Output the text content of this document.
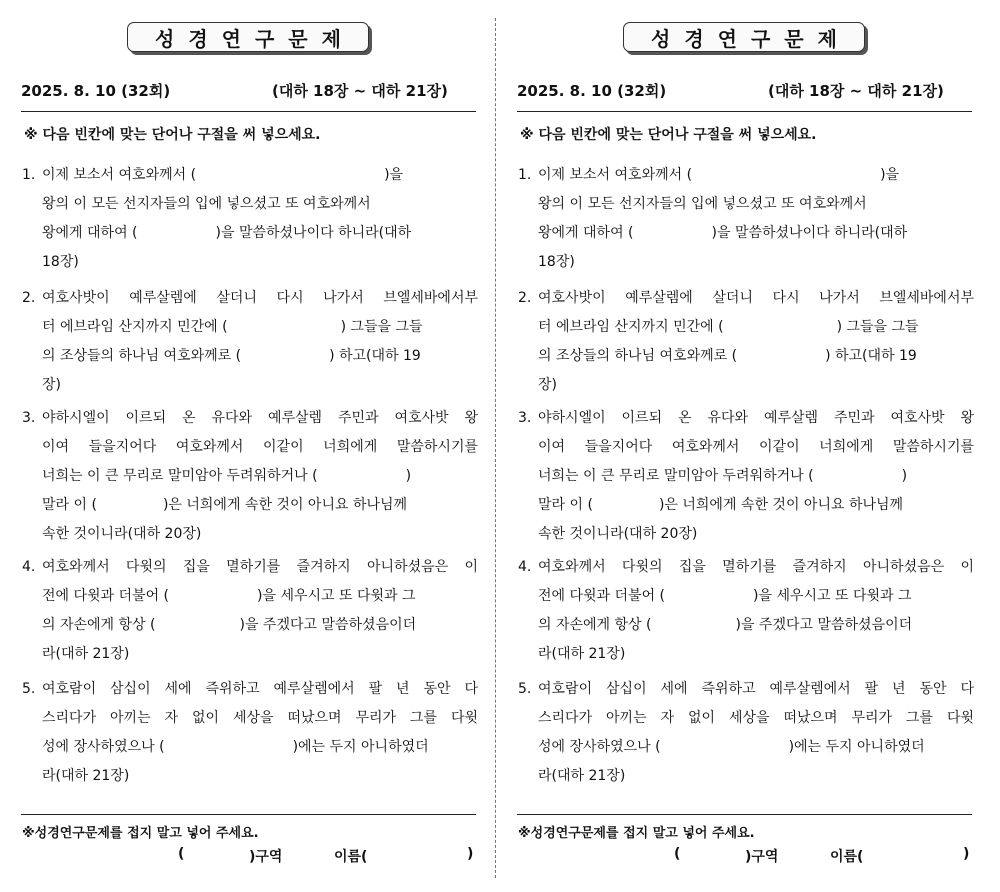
성경연구문제
2025. 8. 10 (32회)	(대하 18장 ~ 대하 21장)
※ 다음 빈칸에 맞는 단어나 구절을 써 넣으세요.
1. 이제 보소서 여호와께서 (	)을
왕의 이 모든 선지자들의 입에 넣으셨고 또 여호와께서
왕에게 대하여 (	)을 말씀하셨나이다 하니라(대하
18장)
2. 여호사밧이 예루살렘에 살더니 다시 나가서 브엘세바에서부
터 에브라임 산지까지 민간에 (	) 그들을 그들
의 조상들의 하나님 여호와께로 (	) 하고(대하 19
장)
3. 야하시엘이 이르되 온 유다와 예루살렘 주민과 여호사밧 왕
이여 들을지어다 여호와께서 이같이 너희에게 말씀하시기를
너희는 이 큰 무리로 말미암아 두려워하거나 (	)
말라 이 (	)은 너희에게 속한 것이 아니요 하나님께
속한 것이니라(대하 20장)
4. 여호와께서 다윗의 집을 멸하기를 즐겨하지 아니하셨음은 이
전에 다윗과 더불어 (	)을 세우시고 또 다윗과 그
의 자손에게 항상 (	)을 주겠다고 말씀하셨음이더
라(대하 21장)
5. 여호람이 삼십이 세에 즉위하고 예루살렘에서 팔 년 동안 다
스리다가 아끼는 자 없이 세상을 떠났으며 무리가 그를 다윗
성에 장사하였으나 (	)에는 두지 아니하였더
라(대하 21장)
※성경연구문제를 접지 말고 넣어 주세요.
(	)구역	이름(	)
성경연구문제
2025. 8. 10 (32회)	(대하 18장 ~ 대하 21장)
※ 다음 빈칸에 맞는 단어나 구절을 써 넣으세요.
1. 이제 보소서 여호와께서 (	)을
왕의 이 모든 선지자들의 입에 넣으셨고 또 여호와께서
왕에게 대하여 (	)을 말씀하셨나이다 하니라(대하
18장)
2. 여호사밧이 예루살렘에 살더니 다시 나가서 브엘세바에서부
터 에브라임 산지까지 민간에 (	) 그들을 그들
의 조상들의 하나님 여호와께로 (	) 하고(대하 19
장)
3. 야하시엘이 이르되 온 유다와 예루살렘 주민과 여호사밧 왕
이여 들을지어다 여호와께서 이같이 너희에게 말씀하시기를
너희는 이 큰 무리로 말미암아 두려워하거나 (	)
말라 이 (	)은 너희에게 속한 것이 아니요 하나님께
속한 것이니라(대하 20장)
4. 여호와께서 다윗의 집을 멸하기를 즐겨하지 아니하셨음은 이
전에 다윗과 더불어 (	)을 세우시고 또 다윗과 그
의 자손에게 항상 (	)을 주겠다고 말씀하셨음이더
라(대하 21장)
5. 여호람이 삼십이 세에 즉위하고 예루살렘에서 팔 년 동안 다
스리다가 아끼는 자 없이 세상을 떠났으며 무리가 그를 다윗
성에 장사하였으나 (	)에는 두지 아니하였더
라(대하 21장)
※성경연구문제를 접지 말고 넣어 주세요.
(	)구역	이름(	)
